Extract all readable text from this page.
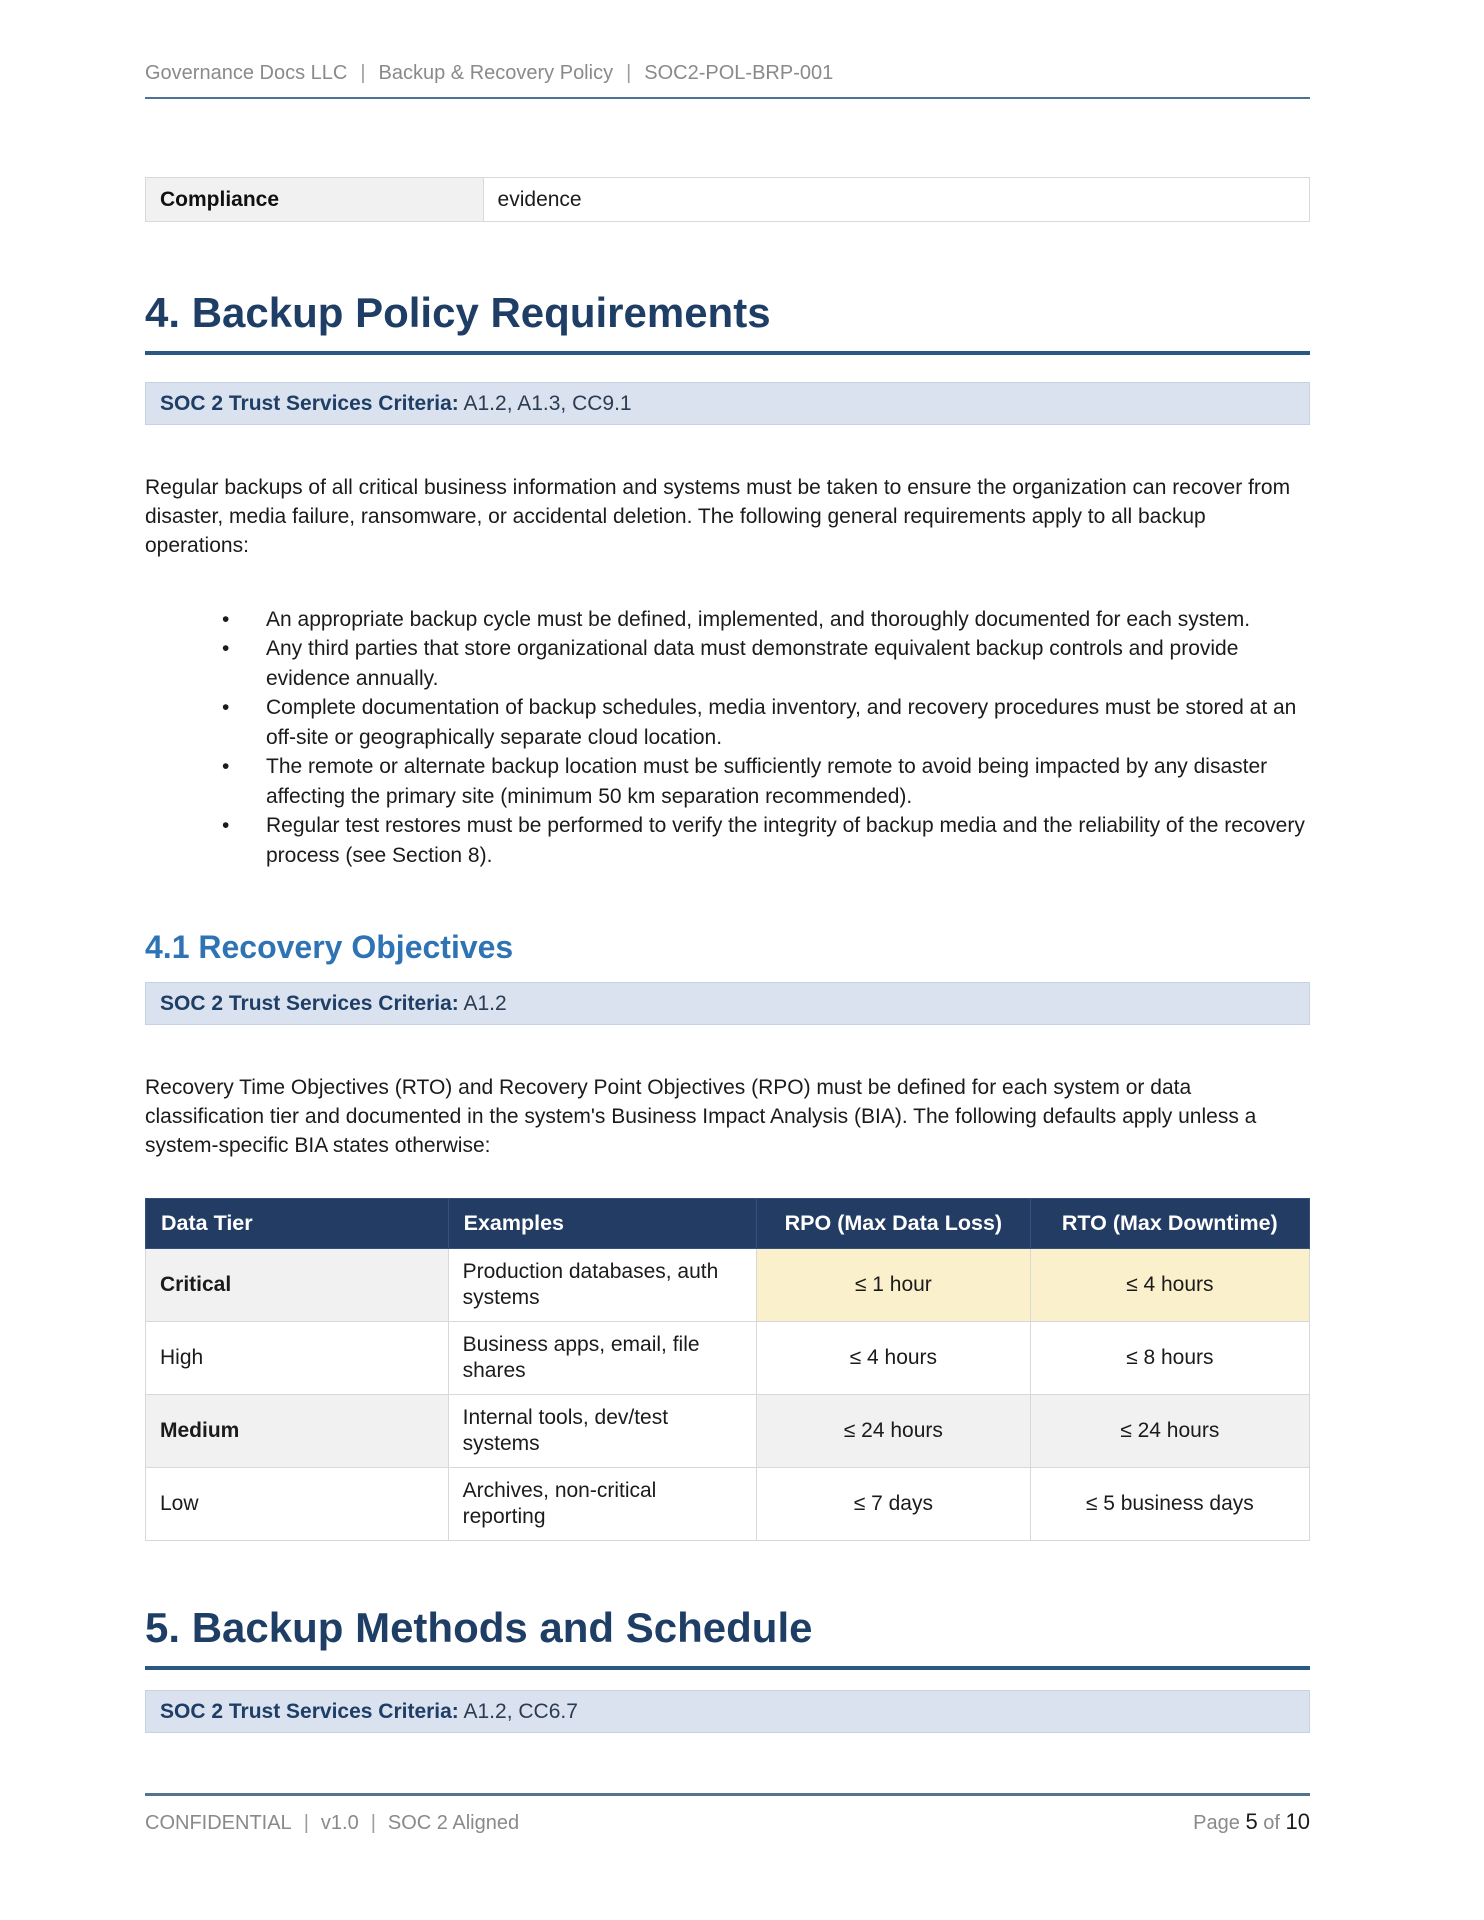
Governance Docs LLC | Backup & Recovery Policy | SOC2-POL-BRP-001
Compliance	evidence
4. Backup Policy Requirements
SOC 2 Trust Services Criteria: A1.2, A1.3, CC9.1

Regular backups of all critical business information and systems must be taken to ensure the organization can recover from disaster, media failure, ransomware, or accidental deletion. The following general requirements apply to all backup operations:

• An appropriate backup cycle must be defined, implemented, and thoroughly documented for each system.
• Any third parties that store organizational data must demonstrate equivalent backup controls and provide evidence annually.
• Complete documentation of backup schedules, media inventory, and recovery procedures must be stored at an off-site or geographically separate cloud location.
• The remote or alternate backup location must be sufficiently remote to avoid being impacted by any disaster affecting the primary site (minimum 50 km separation recommended).
• Regular test restores must be performed to verify the integrity of backup media and the reliability of the recovery process (see Section 8).
4.1 Recovery Objectives
SOC 2 Trust Services Criteria: A1.2

Recovery Time Objectives (RTO) and Recovery Point Objectives (RPO) must be defined for each system or data classification tier and documented in the system's Business Impact Analysis (BIA). The following defaults apply unless a system-specific BIA states otherwise:

Data Tier	Examples	RPO (Max Data Loss)	RTO (Max Downtime)
Critical	Production databases, auth systems	≤ 1 hour	≤ 4 hours
High	Business apps, email, file shares	≤ 4 hours	≤ 8 hours
Medium	Internal tools, dev/test systems	≤ 24 hours	≤ 24 hours
Low	Archives, non-critical reporting	≤ 7 days	≤ 5 business days
5. Backup Methods and Schedule
SOC 2 Trust Services Criteria: A1.2, CC6.7
CONFIDENTIAL | v1.0 | SOC 2 Aligned	Page 5 of 10
